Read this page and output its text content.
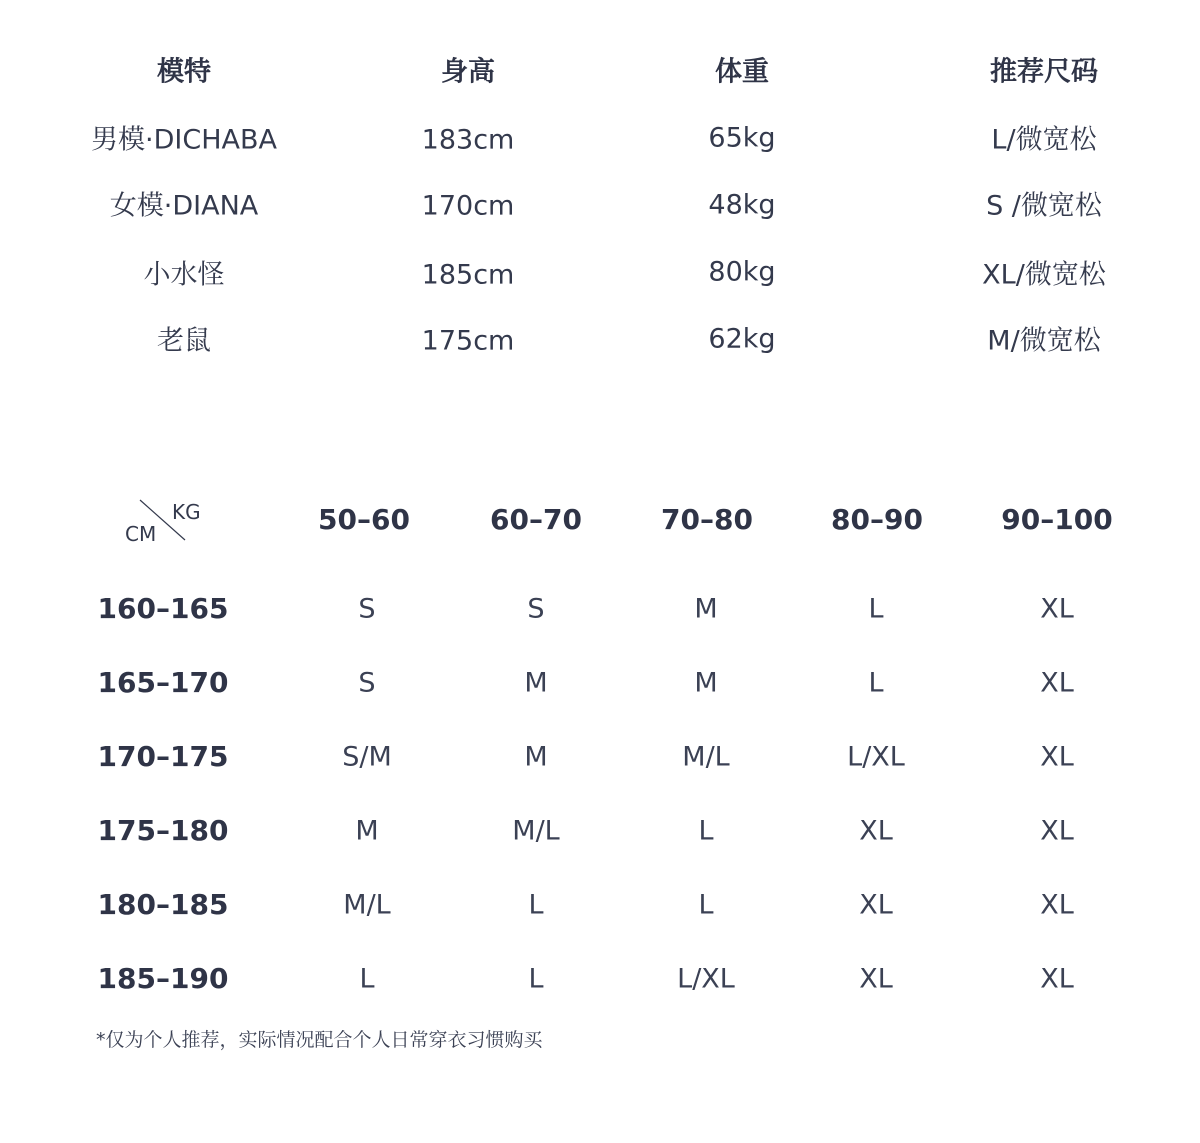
模特	身高	体重	推荐尺码
男模·DICHABA	183cm	65kg	L/微宽松
女模·DIANA	170cm	48kg	S /微宽松
小水怪	185cm	80kg	XL/微宽松
老鼠	175cm	62kg	M/微宽松
KG
CM	50–60	60–70	70–80	80–90	90–100
160–165	S	S	M	L	XL
165–170	S	M	M	L	XL
170–175	S/M	M	M/L	L/XL	XL
175–180	M	M/L	L	XL	XL
180–185	M/L	L	L	XL	XL
185–190	L	L	L/XL	XL	XL
*仅为个人推荐，实际情况配合个人日常穿衣习惯购买
